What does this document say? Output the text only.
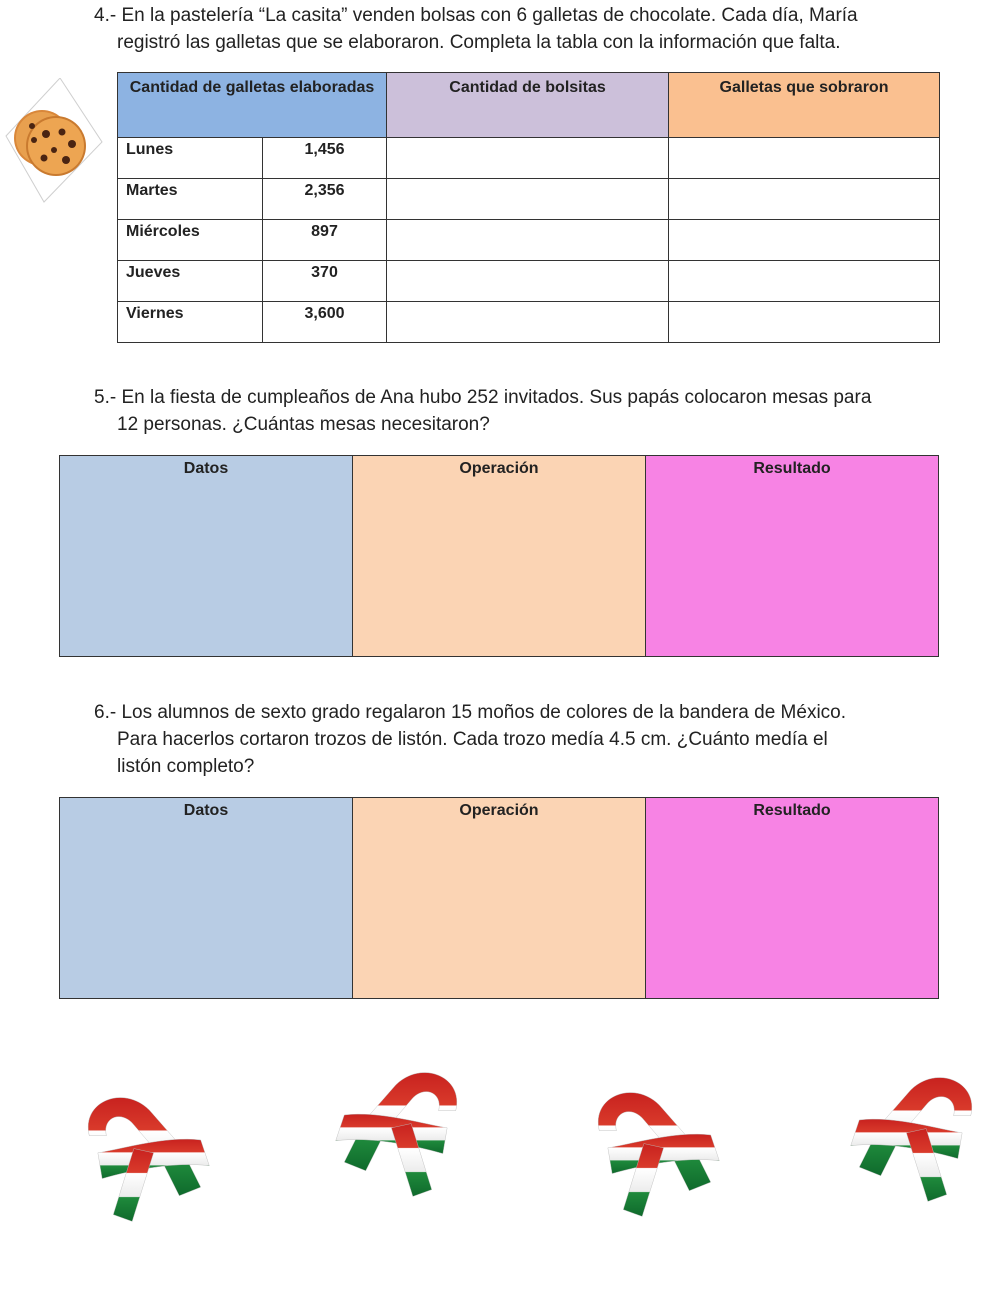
4.- En la pastelería “La casita” venden bolsas con 6 galletas de chocolate. Cada día, María
registró las galletas que se elaboraron. Completa la tabla con la información que falta.
Cantidad de galletas elaboradas		Cantidad de bolsitas	Galletas que sobraron
Lunes	1,456		
Martes	2,356		
Miércoles	897		
Jueves	370		
Viernes	3,600		
5.- En la fiesta de cumpleaños de Ana hubo 252 invitados. Sus papás colocaron mesas para
12 personas. ¿Cuántas mesas necesitaron?
Datos	Operación	Resultado
6.- Los alumnos de sexto grado regalaron 15 moños de colores de la bandera de México.
Para hacerlos cortaron trozos de listón. Cada trozo medía 4.5 cm. ¿Cuánto medía el
listón completo?
Datos	Operación	Resultado
